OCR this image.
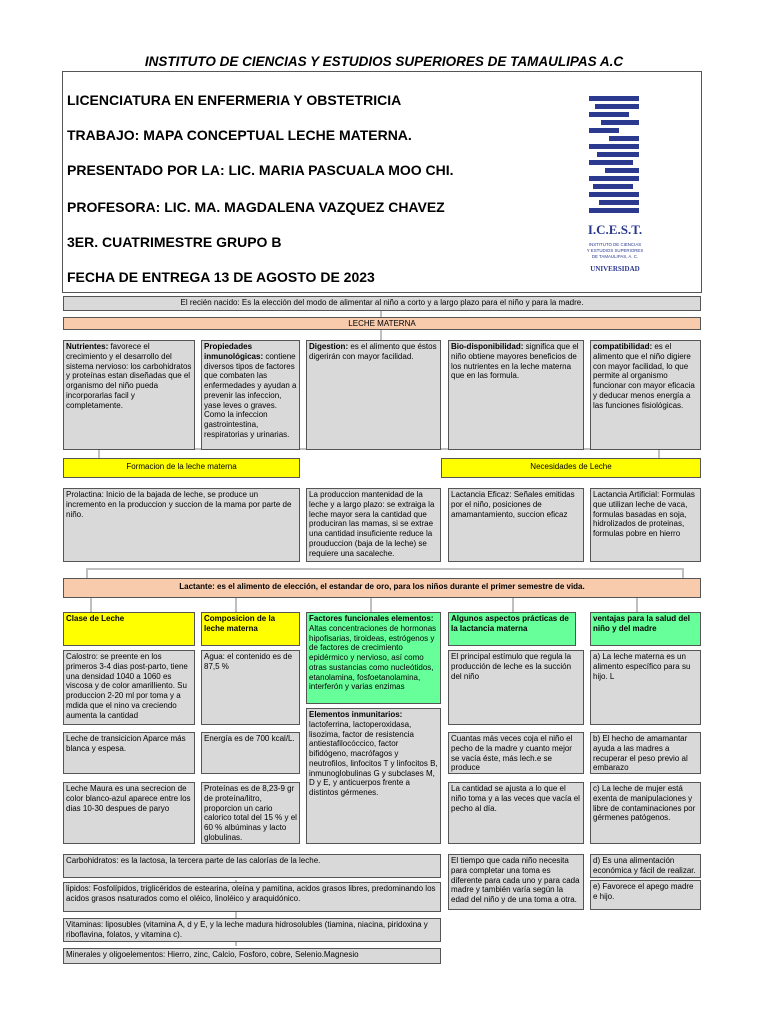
INSTITUTO DE CIENCIAS Y ESTUDIOS SUPERIORES DE TAMAULIPAS A.C
LICENCIATURA EN ENFERMERIA Y OBSTETRICIA
TRABAJO: MAPA CONCEPTUAL LECHE MATERNA.
PRESENTADO POR LA: LIC. MARIA PASCUALA MOO CHI.
PROFESORA: LIC. MA. MAGDALENA VAZQUEZ CHAVEZ
3ER. CUATRIMESTRE GRUPO B
FECHA DE ENTREGA 13 DE AGOSTO DE 2023
I.C.E.S.T.
INSTITUTO DE CIENCIAS
Y ESTUDIOS SUPERIORES
DE TAMAULIPAS, A. C.
UNIVERSIDAD
El recién nacido: Es la elección del modo de alimentar al niño a corto y a largo plazo para el niño y para la madre.
LECHE MATERNA
Nutrientes: favorece el crecimiento y el desarrollo del sistema nervioso: los carbohidratos y proteínas estan diseñadas que el organismo del niño pueda incorporarlas facil y completamente.
Propiedades inmunológicas: contiene diversos tipos de factores que combaten las enfermedades y ayudan a prevenir las infeccion, yase leves o graves. Como la infeccion gastrointestina, respiratorias y urinarias.
Digestion: es el alimento que éstos digerirán con mayor facilidad.
Bio-disponibilidad: significa que el niño obtiene mayores beneficios de los nutrientes en la leche materna que en las formula.
compatibilidad: es el alimento que el niño digiere con mayor facilidad, lo que permite al organismo funcionar con mayor eficacia y deducar menos energía a las funciones fisiológicas.
Formacion de la leche materna	Necesidades de Leche
Prolactina: Inicio de la bajada de leche, se produce un incremento en la produccion y succion de la mama por parte de niño.
La produccion mantenidad de la leche y a largo plazo: se extraiga la leche mayor sera la cantidad que produciran las mamas, si se extrae una cantidad insuficiente reduce la prouduccion (baja de la leche) se requiere una sacaleche.
Lactancia Eficaz: Señales emitidas por el niño, posiciones de amamantamiento, succion eficaz
Lactancia Artificial: Formulas que utilizan leche de vaca, formulas basadas en soja, hidrolizados de proteinas, formulas pobre en hierro
Lactante: es el alimento de elección, el estandar de oro, para los niños durante el primer semestre de vida.
Clase de Leche	Composicion de la leche materna
Factores funcionales elementos: Altas concentraciones de hormonas hipofisarias, tiroideas, estrógenos y de factores de crecimiento epidérmico y nervioso, así como otras sustancias como nucleótidos, etanolamina, fosfoetanolamina, interferón y varias enzimas
Algunos aspectos prácticas de la lactancia materna
ventajas para la salud del niño y del madre
Calostro: se preente en los primeros 3-4 dias post-parto, tiene una densidad 1040 a 1060 es viscosa y de color amarilliento. Su produccion 2-20 ml por toma y a mdida que el nino va creciendo aumenta la cantidad
Leche de transicicion Aparce más blanca y espesa.
Leche Maura es una secrecion de color blanco-azul aparece entre los dias 10-30 despues de paryo
Agua: el contenido es de 87,5 %
Energía es de 700 kcal/L.
Proteínas es de 8,23-9 gr de proteína/litro, proporcion un cario calorico total del 15 % y el 60 % albúminas y lacto globulinas.
Elementos inmunitarios: lactoferrina, lactoperoxidasa, lisozima, factor de resistencia antiestafilocóccico, factor bifidógeno, macrófagos y neutrofilos, linfocitos T y linfocitos B, inmunoglobulinas G y subclases M, D y E, y anticuerpos frente a distintos gérmenes.
El principal estímulo que regula la producción de leche es la succión del niño
Cuantas más veces coja el niño el pecho de la madre y cuanto mejor se vacía éste, más lech.e se produce
La cantidad se ajusta a lo que el niño toma y a las veces que vacía el pecho al día.
El tiempo que cada niño necesita para completar una toma es diferente para cada uno y para cada madre y también varía según la edad del niño y de una toma a otra.
a) La leche materna es un alimento específico para su hijo. L
b) El hecho de amamantar ayuda a las madres a recuperar el peso previo al embarazo
c) La leche de mujer está exenta de manipulaciones y libre de contaminaciones por gérmenes patógenos.
d) Es una alimentación económica y fácil de realizar.
e) Favorece el apego madre e hijo.
Carbohidratos: es la lactosa, la tercera parte de las calorías de la leche.
lipidos: Fosfolípidos, triglicéridos de estearina, oleína y pamitina, acidos grasos libres, predominando los acidos grasos nsaturados como el oléico, linoléico y araquidónico.
Vitaminas: liposubles (vitamina A, d y E, y la leche madura hidrosolubles (tiamina, niacina, piridoxina y riboflavina, folatos, y vitamina c).
Minerales y oligoelementos: Hierro, zinc, Calcio, Fosforo, cobre, Selenio.Magnesio
